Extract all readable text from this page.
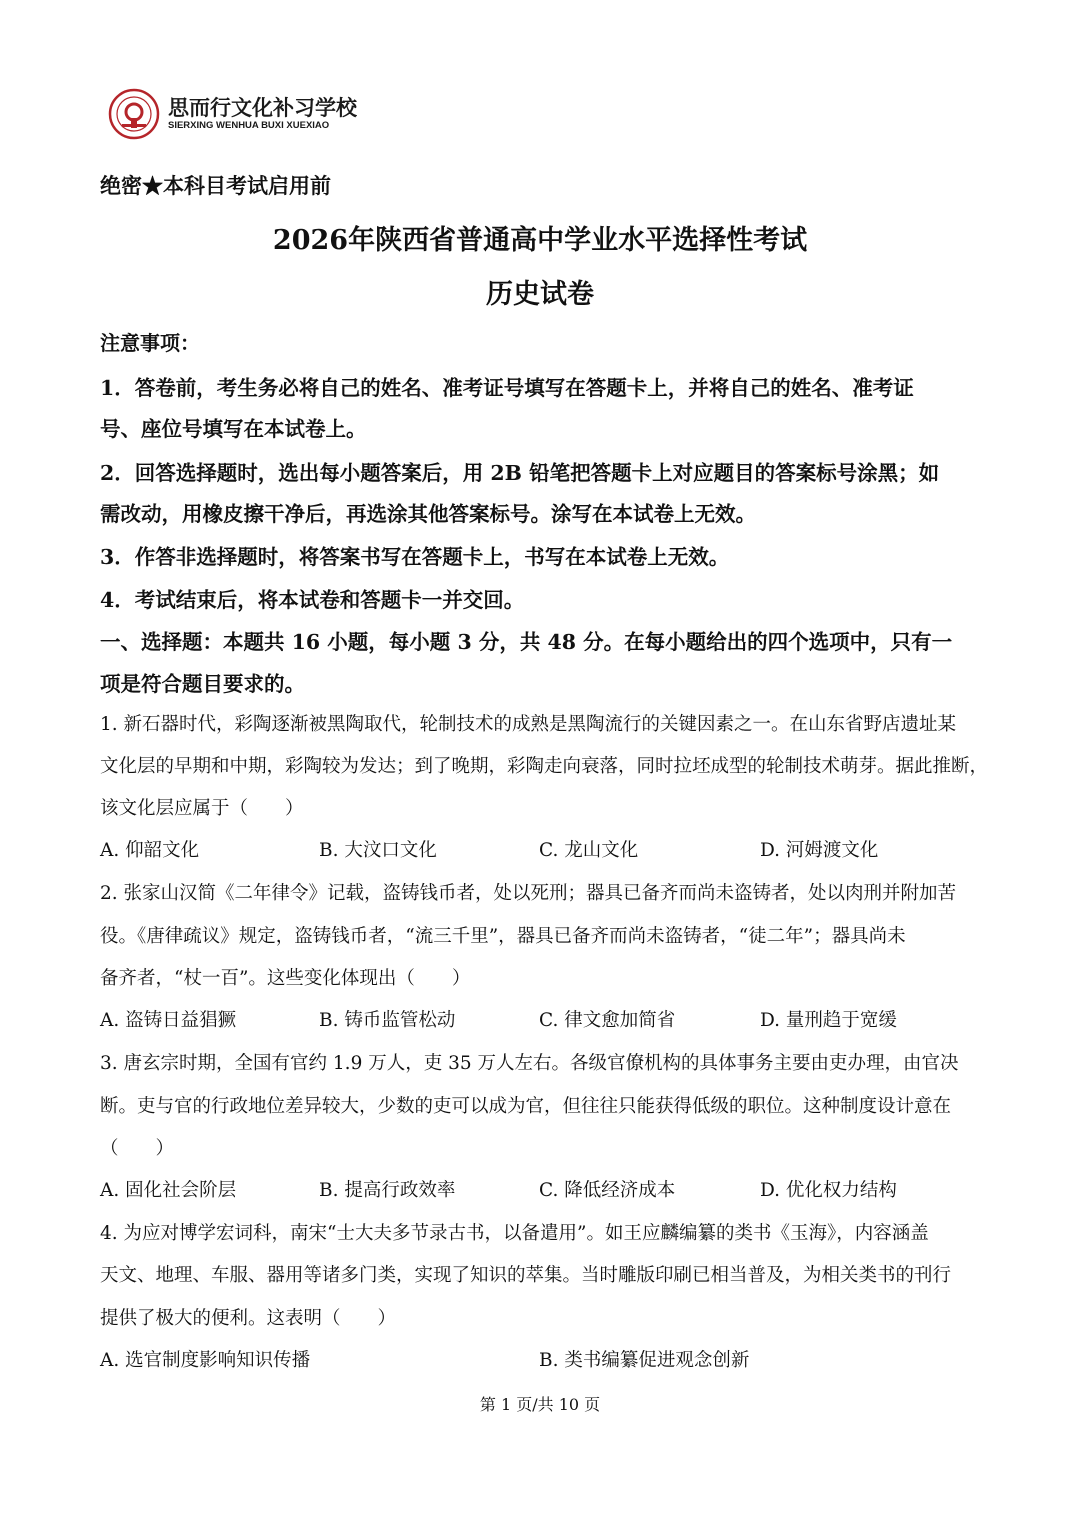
思而行文化补习学校
SIERXING WENHUA BUXI XUEXIAO
绝密★本科目考试启用前
2026年陕西省普通高中学业水平选择性考试
历史试卷
注意事项：
1．答卷前，考生务必将自己的姓名、准考证号填写在答题卡上，并将自己的姓名、准考证
号、座位号填写在本试卷上。
2．回答选择题时，选出每小题答案后，用 2B 铅笔把答题卡上对应题目的答案标号涂黑；如
需改动，用橡皮擦干净后，再选涂其他答案标号。涂写在本试卷上无效。
3．作答非选择题时，将答案书写在答题卡上，书写在本试卷上无效。
4．考试结束后，将本试卷和答题卡一并交回。
一、选择题：本题共 16 小题，每小题 3 分，共 48 分。在每小题给出的四个选项中，只有一
项是符合题目要求的。
1. 新石器时代，彩陶逐渐被黑陶取代，轮制技术的成熟是黑陶流行的关键因素之一。在山东省野店遗址某
文化层的早期和中期，彩陶较为发达；到了晚期，彩陶走向衰落，同时拉坯成型的轮制技术萌芽。据此推断，
该文化层应属于（　　）
A. 仰韶文化	B. 大汶口文化	C. 龙山文化	D. 河姆渡文化
2. 张家山汉简《二年律令》记载，盗铸钱币者，处以死刑；器具已备齐而尚未盗铸者，处以肉刑并附加苦
役。《唐律疏议》规定，盗铸钱币者，“流三千里”，器具已备齐而尚未盗铸者，“徒二年”；器具尚未
备齐者，“杖一百”。这些变化体现出（　　）
A. 盗铸日益猖獗	B. 铸币监管松动	C. 律文愈加简省	D. 量刑趋于宽缓
3. 唐玄宗时期，全国有官约 1.9 万人，吏 35 万人左右。各级官僚机构的具体事务主要由吏办理，由官决
断。吏与官的行政地位差异较大，少数的吏可以成为官，但往往只能获得低级的职位。这种制度设计意在
（　　）
A. 固化社会阶层	B. 提高行政效率	C. 降低经济成本	D. 优化权力结构
4. 为应对博学宏词科，南宋“士大夫多节录古书，以备遣用”。如王应麟编纂的类书《玉海》，内容涵盖
天文、地理、车服、器用等诸多门类，实现了知识的萃集。当时雕版印刷已相当普及，为相关类书的刊行
提供了极大的便利。这表明（　　）
A. 选官制度影响知识传播	B. 类书编纂促进观念创新
第 1 页/共 10 页
